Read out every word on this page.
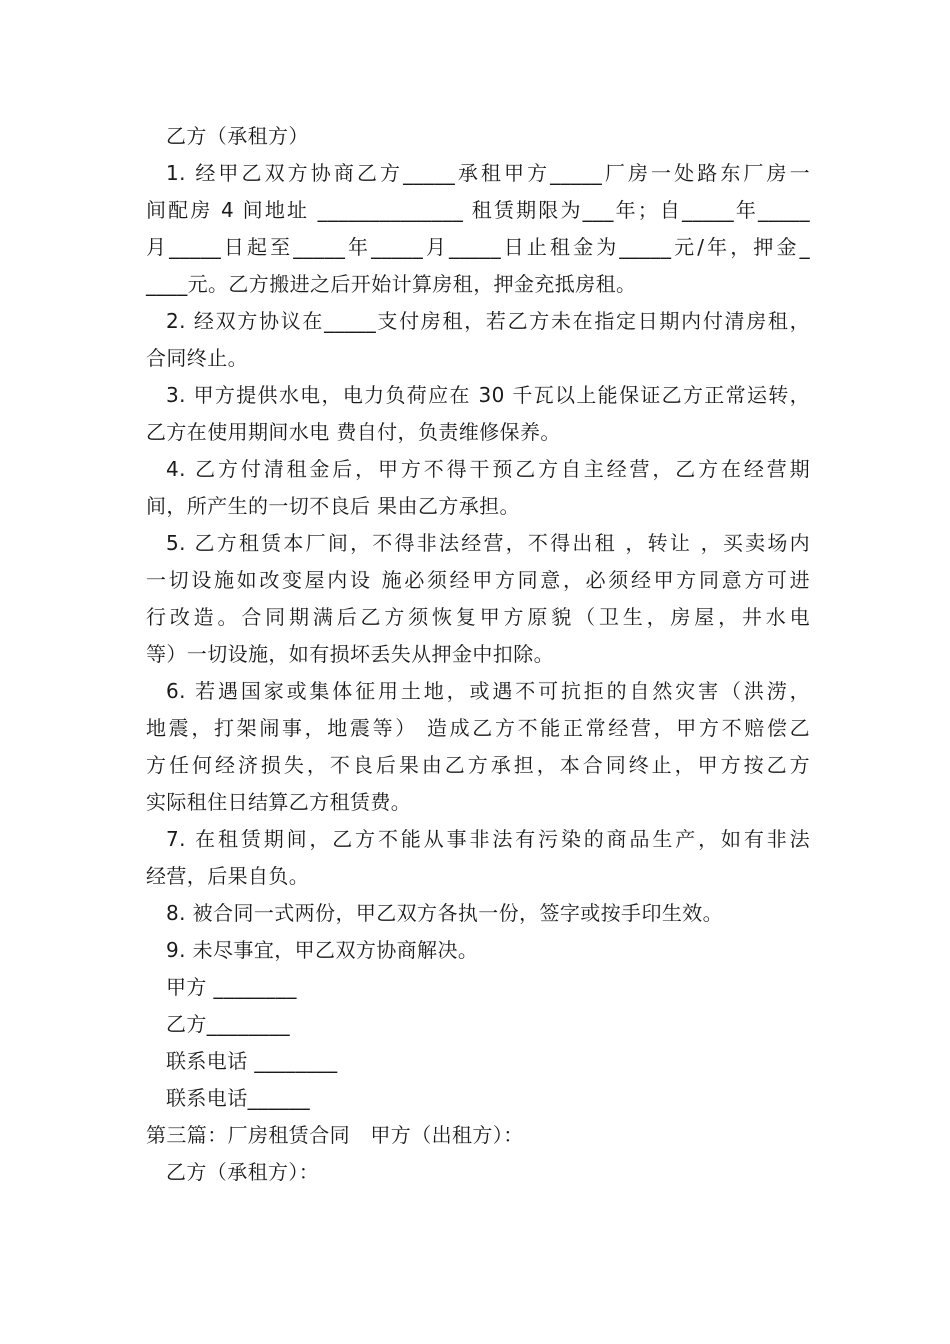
乙方（承租方）
1. 经甲乙双方协商乙方_____承租甲方_____厂房一处路东厂房一
间配房 4 间地址 ______________ 租赁期限为___年；自_____年_____
月_____日起至_____年_____月_____日止租金为_____元/年，押金_
____元。乙方搬进之后开始计算房租，押金充抵房租。
2. 经双方协议在_____支付房租，若乙方未在指定日期内付清房租，
合同终止。
3. 甲方提供水电，电力负荷应在 30 千瓦以上能保证乙方正常运转，
乙方在使用期间水电 费自付，负责维修保养。
4. 乙方付清租金后，甲方不得干预乙方自主经营，乙方在经营期
间，所产生的一切不良后 果由乙方承担。
5. 乙方租赁本厂间，不得非法经营，不得出租 ，转让 ，买卖场内
一切设施如改变屋内设 施必须经甲方同意，必须经甲方同意方可进
行改造。合同期满后乙方须恢复甲方原貌（卫生，房屋，井水电
等）一切设施，如有损坏丢失从押金中扣除。
6. 若遇国家或集体征用土地，或遇不可抗拒的自然灾害（洪涝，
地震，打架闹事，地震等） 造成乙方不能正常经营，甲方不赔偿乙
方任何经济损失，不良后果由乙方承担，本合同终止，甲方按乙方
实际租住日结算乙方租赁费。
7. 在租赁期间，乙方不能从事非法有污染的商品生产，如有非法
经营，后果自负。
8. 被合同一式两份，甲乙双方各执一份，签字或按手印生效。
9. 未尽事宜，甲乙双方协商解决。
甲方 ________
乙方________
联系电话 ________
联系电话______
第三篇：厂房租赁合同　甲方（出租方）：
乙方（承租方）：
